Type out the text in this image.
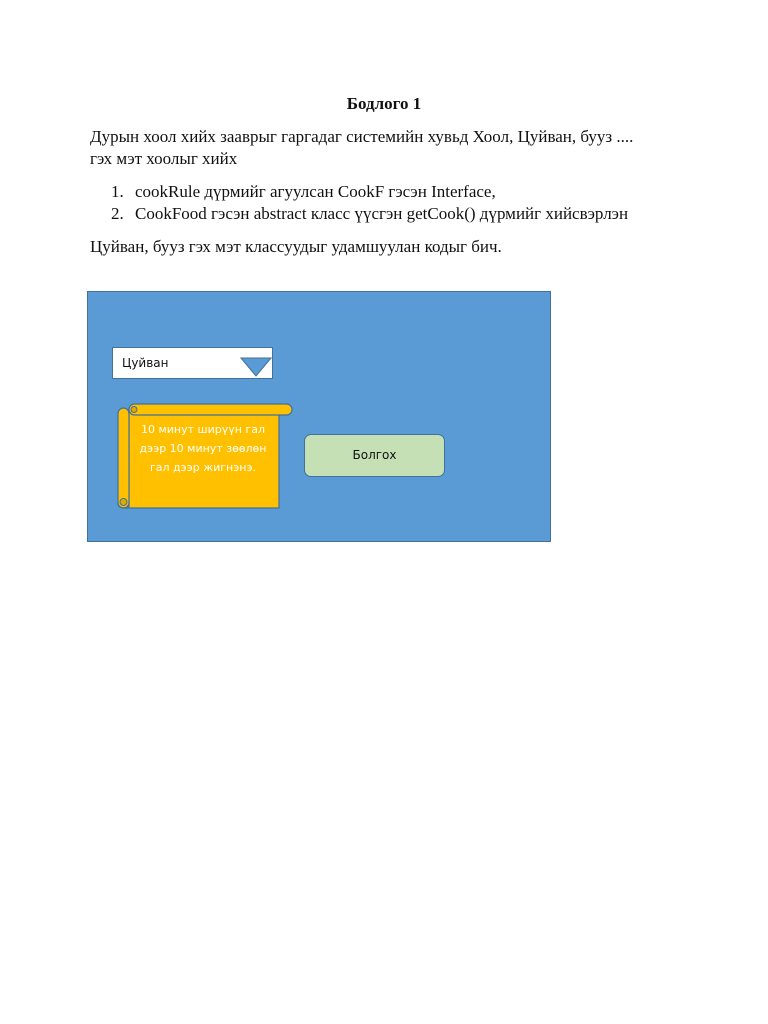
Бодлого 1
Дурын хоол хийх зааврыг гаргадаг системийн хувьд Хоол, Цуйван, бууз ....
гэх мэт хоолыг хийх
1. cookRule дүрмийг агуулсан CookF гэсэн Interface,
2. CookFood гэсэн abstract класс үүсгэн getCook() дүрмийг хийсвэрлэн
Цуйван, бууз гэх мэт классуудыг удамшуулан кодыг бич.
Цуйван
10 минут ширүүн гал
дээр 10 минут зөөлөн
гал дээр жигнэнэ.
Болгох
